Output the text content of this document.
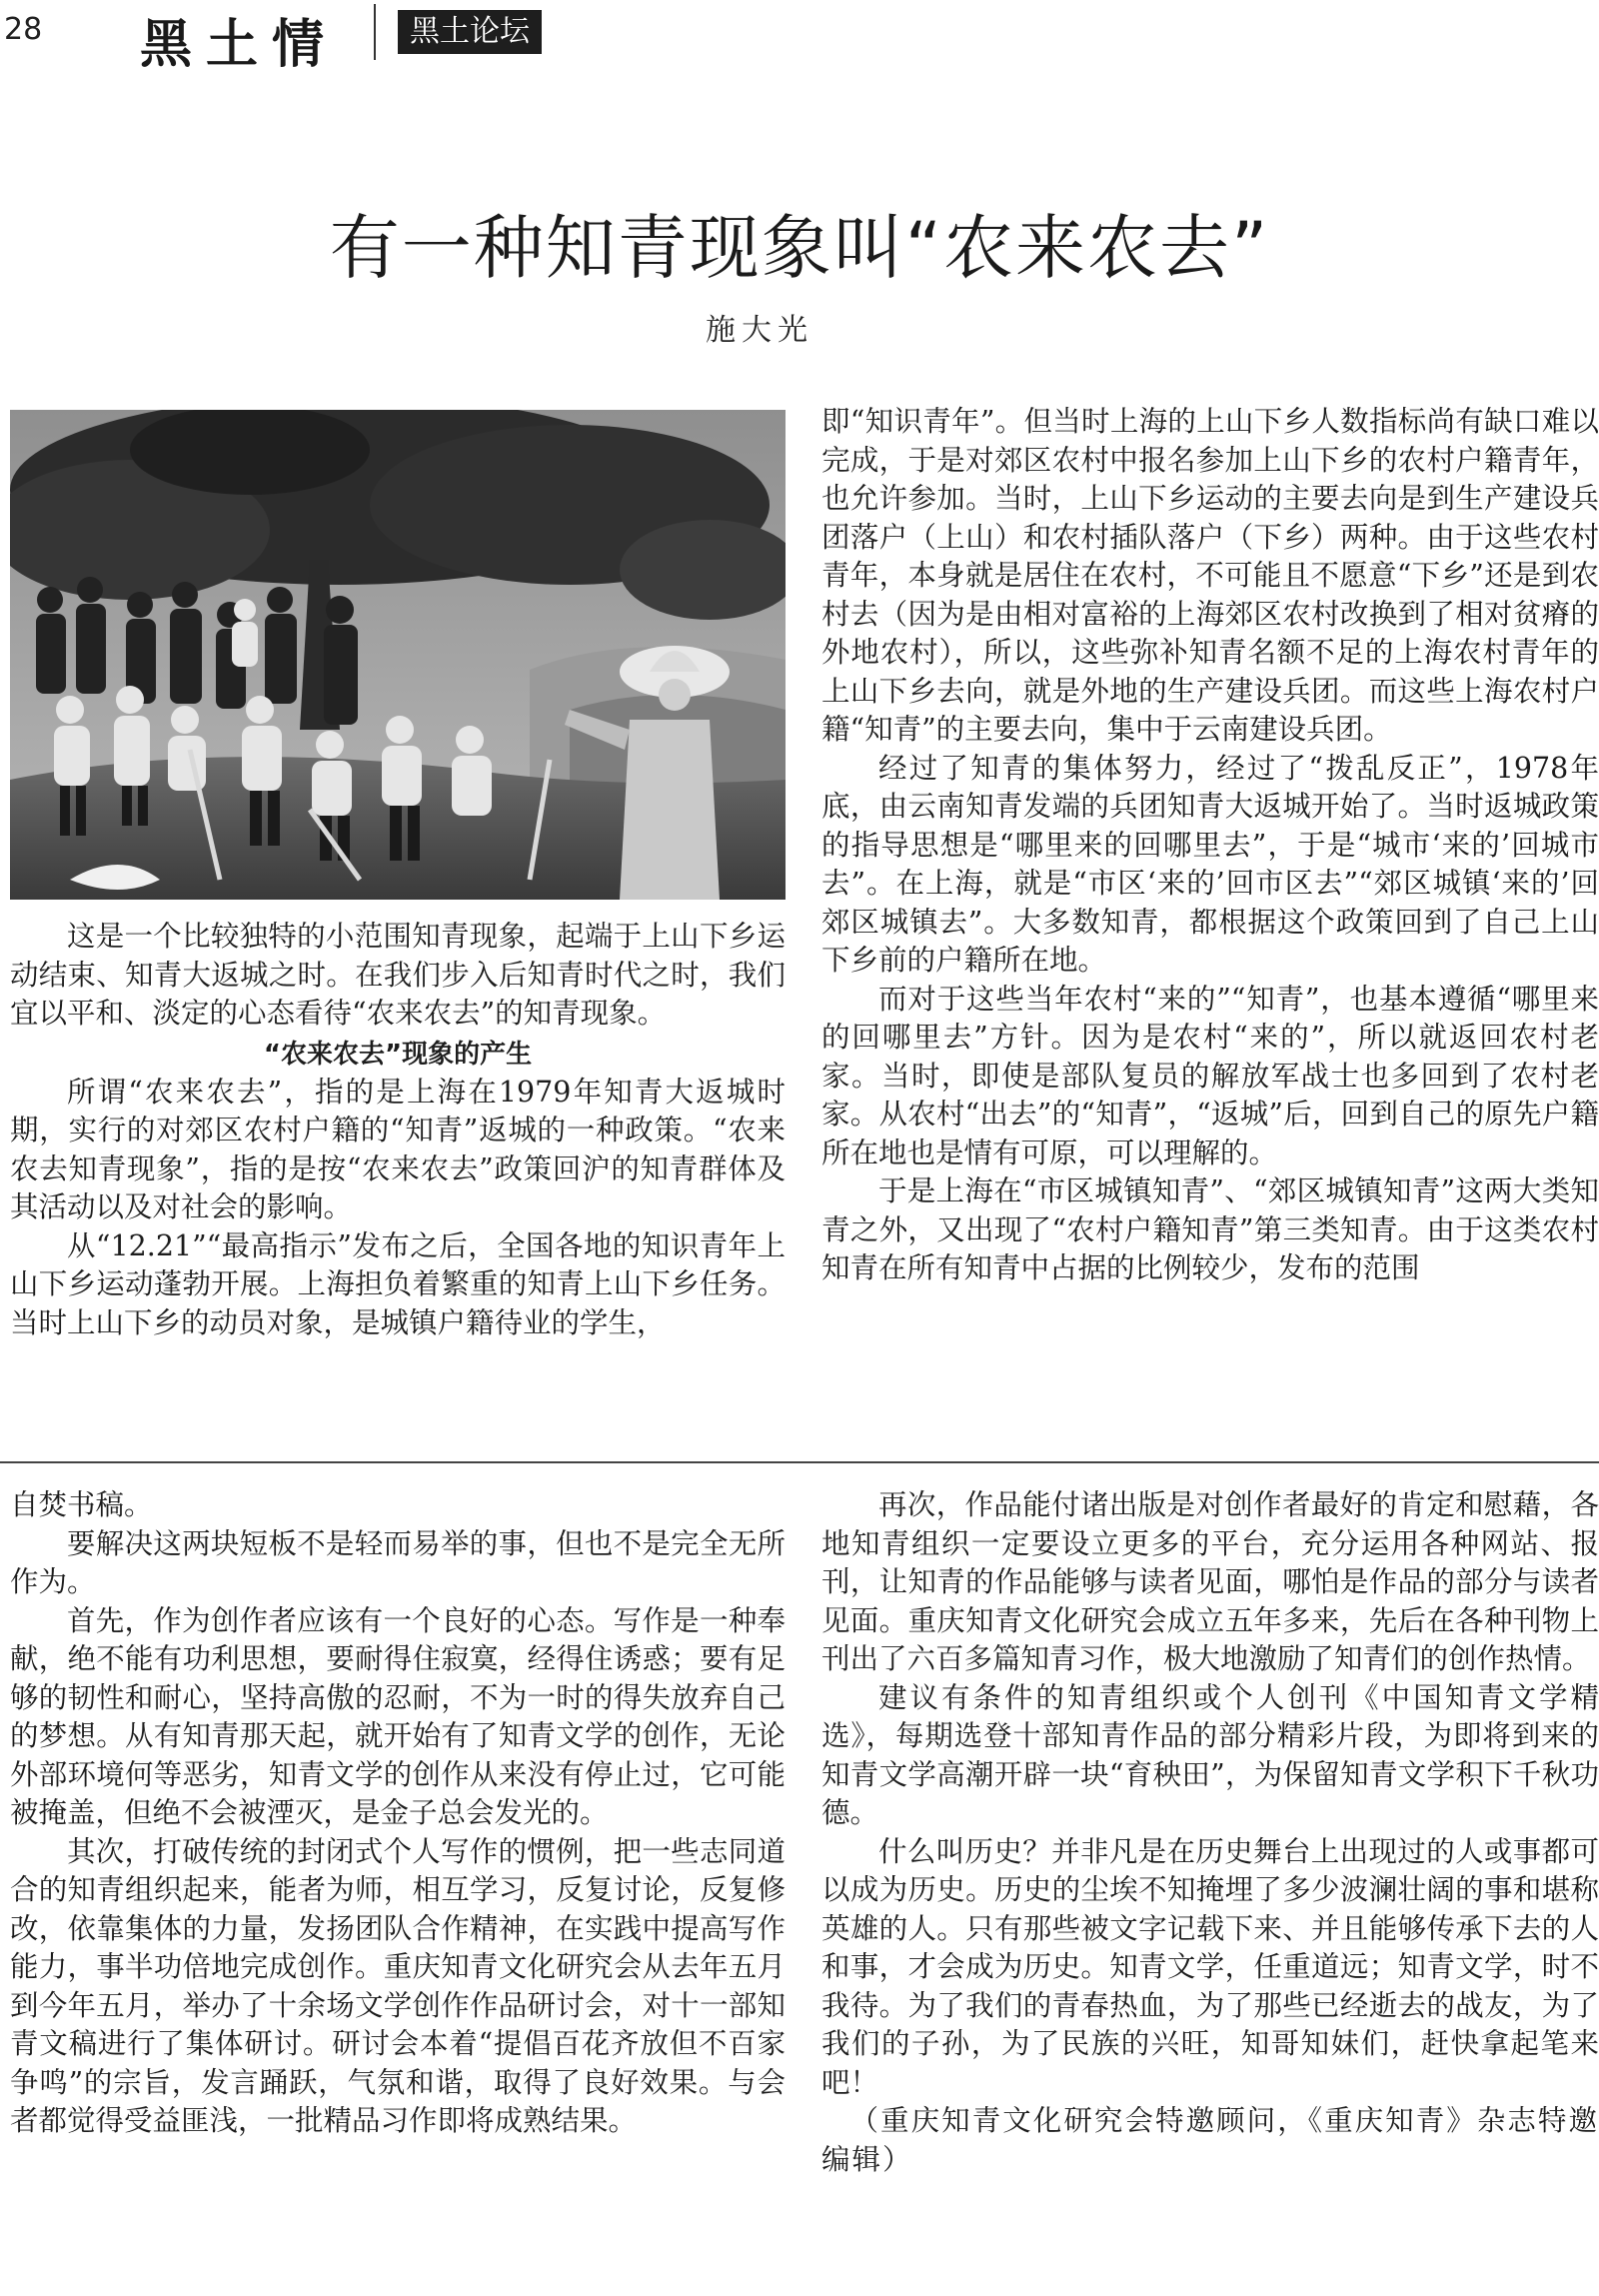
28 黑土情	黑土论坛
有一种知青现象叫“农来农去”
施大光

这是一个比较独特的小范围知青现象，起端于上山下乡运动结束、知青大返城之时。在我们步入后知青时代之时，我们宜以平和、淡定的心态看待“农来农去”的知青现象。

“农来农去”现象的产生

所谓“农来农去”，指的是上海在1979年知青大返城时期，实行的对郊区农村户籍的“知青”返城的一种政策。“农来农去知青现象”，指的是按“农来农去”政策回沪的知青群体及其活动以及对社会的影响。

从“12.21”“最高指示”发布之后，全国各地的知识青年上山下乡运动蓬勃开展。上海担负着繁重的知青上山下乡任务。当时上山下乡的动员对象，是城镇户籍待业的学生，

即“知识青年”。但当时上海的上山下乡人数指标尚有缺口难以完成，于是对郊区农村中报名参加上山下乡的农村户籍青年，也允许参加。当时，上山下乡运动的主要去向是到生产建设兵团落户（上山）和农村插队落户（下乡）两种。由于这些农村青年，本身就是居住在农村，不可能且不愿意“下乡”还是到农村去（因为是由相对富裕的上海郊区农村改换到了相对贫瘠的外地农村），所以，这些弥补知青名额不足的上海农村青年的上山下乡去向，就是外地的生产建设兵团。而这些上海农村户籍“知青”的主要去向，集中于云南建设兵团。

经过了知青的集体努力，经过了“拨乱反正”，1978年底，由云南知青发端的兵团知青大返城开始了。当时返城政策的指导思想是“哪里来的回哪里去”，于是“城市‘来的’回城市去”。在上海，就是“市区‘来的’回市区去”“郊区城镇‘来的’回郊区城镇去”。大多数知青，都根据这个政策回到了自己上山下乡前的户籍所在地。

而对于这些当年农村“来的”“知青”，也基本遵循“哪里来的回哪里去”方针。因为是农村“来的”，所以就返回农村老家。当时，即使是部队复员的解放军战士也多回到了农村老家。从农村“出去”的“知青”，“返城”后，回到自己的原先户籍所在地也是情有可原，可以理解的。

于是上海在“市区城镇知青”、“郊区城镇知青”这两大类知青之外，又出现了“农村户籍知青”第三类知青。由于这类农村知青在所有知青中占据的比例较少，发布的范围

自焚书稿。

要解决这两块短板不是轻而易举的事，但也不是完全无所作为。

首先，作为创作者应该有一个良好的心态。写作是一种奉献，绝不能有功利思想，要耐得住寂寞，经得住诱惑；要有足够的韧性和耐心，坚持高傲的忍耐，不为一时的得失放弃自己的梦想。从有知青那天起，就开始有了知青文学的创作，无论外部环境何等恶劣，知青文学的创作从来没有停止过，它可能被掩盖，但绝不会被湮灭，是金子总会发光的。

其次，打破传统的封闭式个人写作的惯例，把一些志同道合的知青组织起来，能者为师，相互学习，反复讨论，反复修改，依靠集体的力量，发扬团队合作精神，在实践中提高写作能力，事半功倍地完成创作。重庆知青文化研究会从去年五月到今年五月，举办了十余场文学创作作品研讨会，对十一部知青文稿进行了集体研讨。研讨会本着“提倡百花齐放但不百家争鸣”的宗旨，发言踊跃，气氛和谐，取得了良好效果。与会者都觉得受益匪浅，一批精品习作即将成熟结果。

再次，作品能付诸出版是对创作者最好的肯定和慰藉，各地知青组织一定要设立更多的平台，充分运用各种网站、报刊，让知青的作品能够与读者见面，哪怕是作品的部分与读者见面。重庆知青文化研究会成立五年多来，先后在各种刊物上刊出了六百多篇知青习作，极大地激励了知青们的创作热情。

建议有条件的知青组织或个人创刊《中国知青文学精选》，每期选登十部知青作品的部分精彩片段，为即将到来的知青文学高潮开辟一块“育秧田”，为保留知青文学积下千秋功德。

什么叫历史？并非凡是在历史舞台上出现过的人或事都可以成为历史。历史的尘埃不知掩埋了多少波澜壮阔的事和堪称英雄的人。只有那些被文字记载下来、并且能够传承下去的人和事，才会成为历史。知青文学，任重道远；知青文学，时不我待。为了我们的青春热血，为了那些已经逝去的战友，为了我们的子孙，为了民族的兴旺，知哥知妹们，赶快拿起笔来吧！

（重庆知青文化研究会特邀顾问，《重庆知青》杂志特邀编辑）
